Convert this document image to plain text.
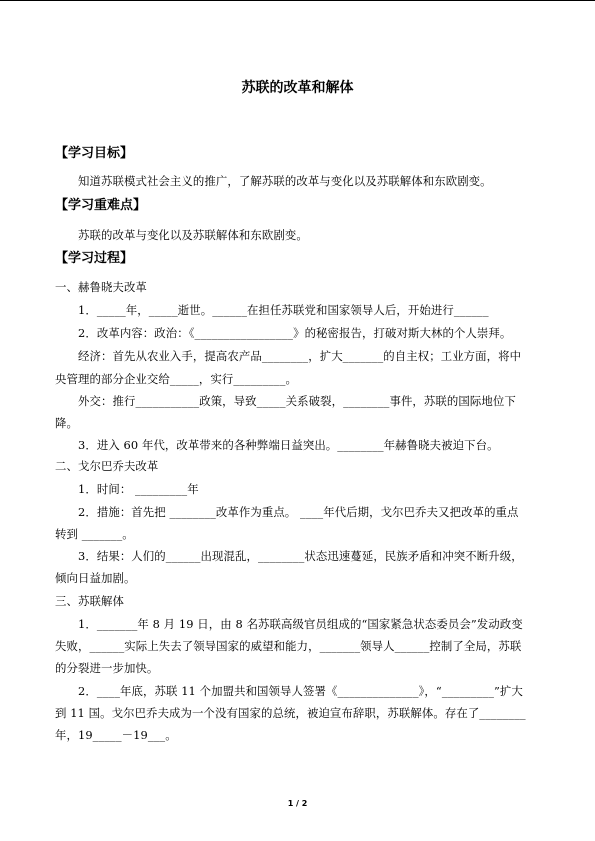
苏联的改革和解体
【学习目标】
知道苏联模式社会主义的推广，了解苏联的改革与变化以及苏联解体和东欧剧变。
【学习重难点】
苏联的改革与变化以及苏联解体和东欧剧变。
【学习过程】
一、赫鲁晓夫改革
1．_____年，_____逝世。______在担任苏联党和国家领导人后，开始进行______
2．改革内容：政治：《_________________》的秘密报告，打破对斯大林的个人崇拜。
经济：首先从农业入手，提高农产品________，扩大_______的自主权；工业方面，将中
央管理的部分企业交给_____，实行_________。
外交：推行___________政策，导致_____关系破裂，________事件，苏联的国际地位下
降。
3．进入 60 年代，改革带来的各种弊端日益突出。________年赫鲁晓夫被迫下台。
二、戈尔巴乔夫改革
1．时间： _________年
2．措施：首先把 ________改革作为重点。 ____年代后期，戈尔巴乔夫又把改革的重点
转到 _______。
3．结果：人们的______出现混乱，________状态迅速蔓延，民族矛盾和冲突不断升级，
倾向日益加剧。
三、苏联解体
1．_______年 8 月 19 日，由 8 名苏联高级官员组成的“国家紧急状态委员会”发动政变
失败，______实际上失去了领导国家的威望和能力，_______领导人______控制了全局，苏联
的分裂进一步加快。
2．____年底，苏联 11 个加盟共和国领导人签署《______________》，“_________”扩大
到 11 国。戈尔巴乔夫成为一个没有国家的总统，被迫宣布辞职，苏联解体。存在了________
年，19_____－19___。
1 / 2
